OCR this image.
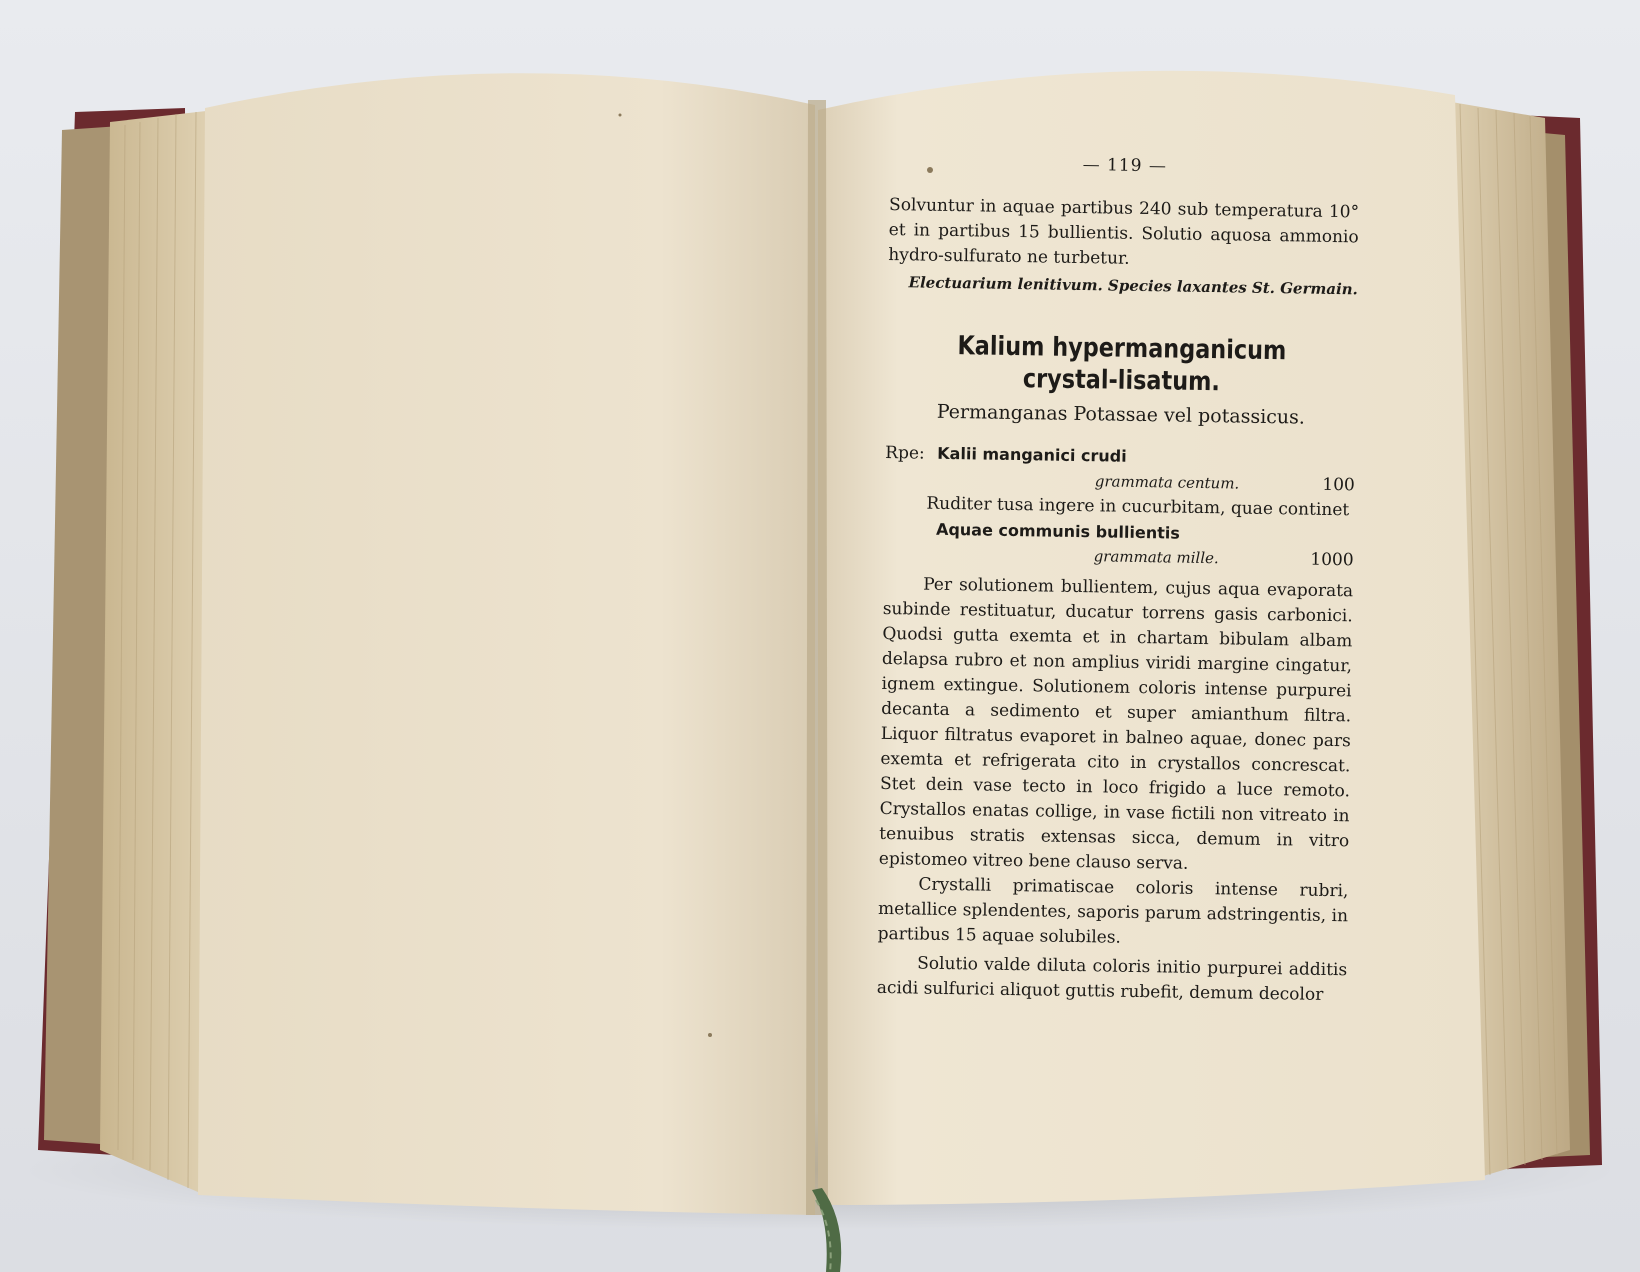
— 119 —

Solvuntur in aquae partibus 240 sub temperatura 10° et in partibus 15 bullientis. Solutio aquosa ammonio hydro-sulfurato ne turbetur.

Electuarium lenitivum. Species laxantes St. Germain.
Kalium hypermanganicum crystal-lisatum.
Permanganas Potassae vel potassicus.
Rpe: Kalii manganici crudi
grammata centum.	100
Ruditer tusa ingere in cucurbitam, quae continet
Aquae communis bullientis
grammata mille.	1000

Per solutionem bullientem, cujus aqua evaporata subinde restituatur, ducatur torrens gasis carbonici. Quodsi gutta exemta et in chartam bibulam albam delapsa rubro et non amplius viridi margine cingatur, ignem extingue. Solutionem coloris intense purpurei decanta a sedimento et super amianthum filtra. Liquor filtratus evaporet in balneo aquae, donec pars exemta et refrigerata cito in crystallos concrescat. Stet dein vase tecto in loco frigido a luce remoto. Crystallos enatas collige, in vase fictili non vitreato in tenuibus stratis extensas sicca, demum in vitro epistomeo vitreo bene clauso serva.

Crystalli primatiscae coloris intense rubri, metallice splendentes, saporis parum adstringentis, in partibus 15 aquae solubiles.

Solutio valde diluta coloris initio purpurei additis acidi sulfurici aliquot guttis rubefit, demum decolor
